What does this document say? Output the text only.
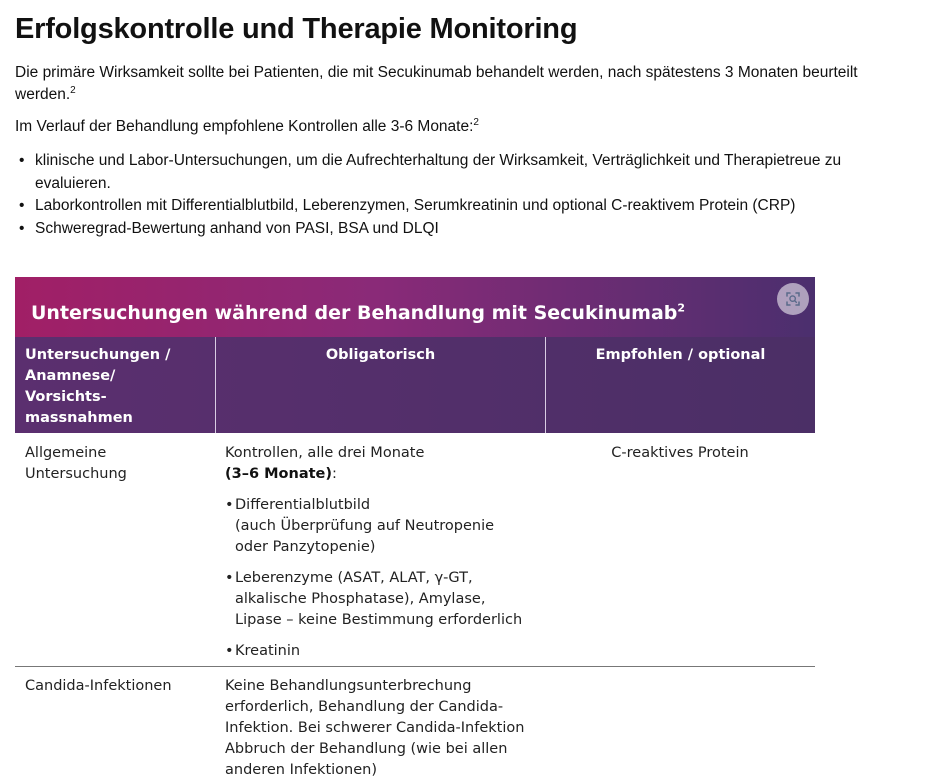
Erfolgskontrolle und Therapie Monitoring

Die primäre Wirksamkeit sollte bei Patienten, die mit Secukinumab behandelt werden, nach spätestens 3 Monaten beurteilt werden.$^2$

Im Verlauf der Behandlung empfohlene Kontrollen alle 3-6 Monate:$^2$

• klinische und Labor-Untersuchungen, um die Aufrechterhaltung der Wirksamkeit, Verträglichkeit und Therapietreue zu evaluieren.
• Laborkontrollen mit Differentialblutbild, Leberenzymen, Serumkreatinin und optional C-reaktivem Protein (CRP)
• Schweregrad-Bewertung anhand von PASI, BSA und DLQI
Untersuchungen während der Behandlung mit Secukinumab$^2$
Untersuchungen /
Anamnese/
Vorsichts-
massnahmen
Obligatorisch	Empfohlen / optional
Allgemeine
Untersuchung
Kontrollen, alle drei Monate
(3–6 Monate):
• Differentialblutbild
(auch Überprüfung auf Neutropenie
oder Panzytopenie)
• Leberenzyme (ASAT, ALAT, γ-GT,
alkalische Phosphatase), Amylase,
Lipase – keine Bestimmung erforderlich
• Kreatinin
C-reaktives Protein
Candida-Infektionen	Keine Behandlungsunterbrechung
erforderlich, Behandlung der Candida-
Infektion. Bei schwerer Candida-Infektion
Abbruch der Behandlung (wie bei allen
anderen Infektionen)
